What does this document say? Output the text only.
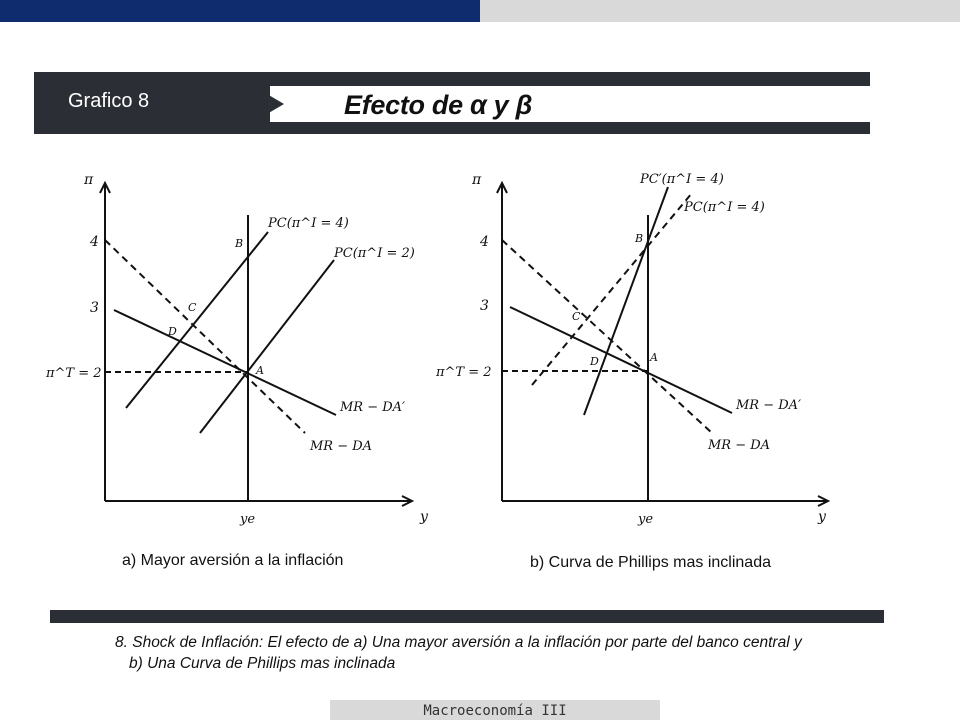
Grafico 8	Efecto de α y β
π
y
4
3
π^T = 2
ye
PC(π^I = 4)
PC(π^I = 2)
MR − DA′
MR − DA
A
B
C
D
π
y
4
3
π^T = 2
ye
PC′(π^I = 4)
PC(π^I = 4)
MR − DA′
MR − DA
A
B
C
D
a) Mayor aversión a la inflación	b) Curva de Phillips mas inclinada
8. Shock de Inflación: El efecto de a) Una mayor aversión a la inflación por parte del banco central y
b) Una Curva de Phillips mas inclinada
Macroeconomía III
